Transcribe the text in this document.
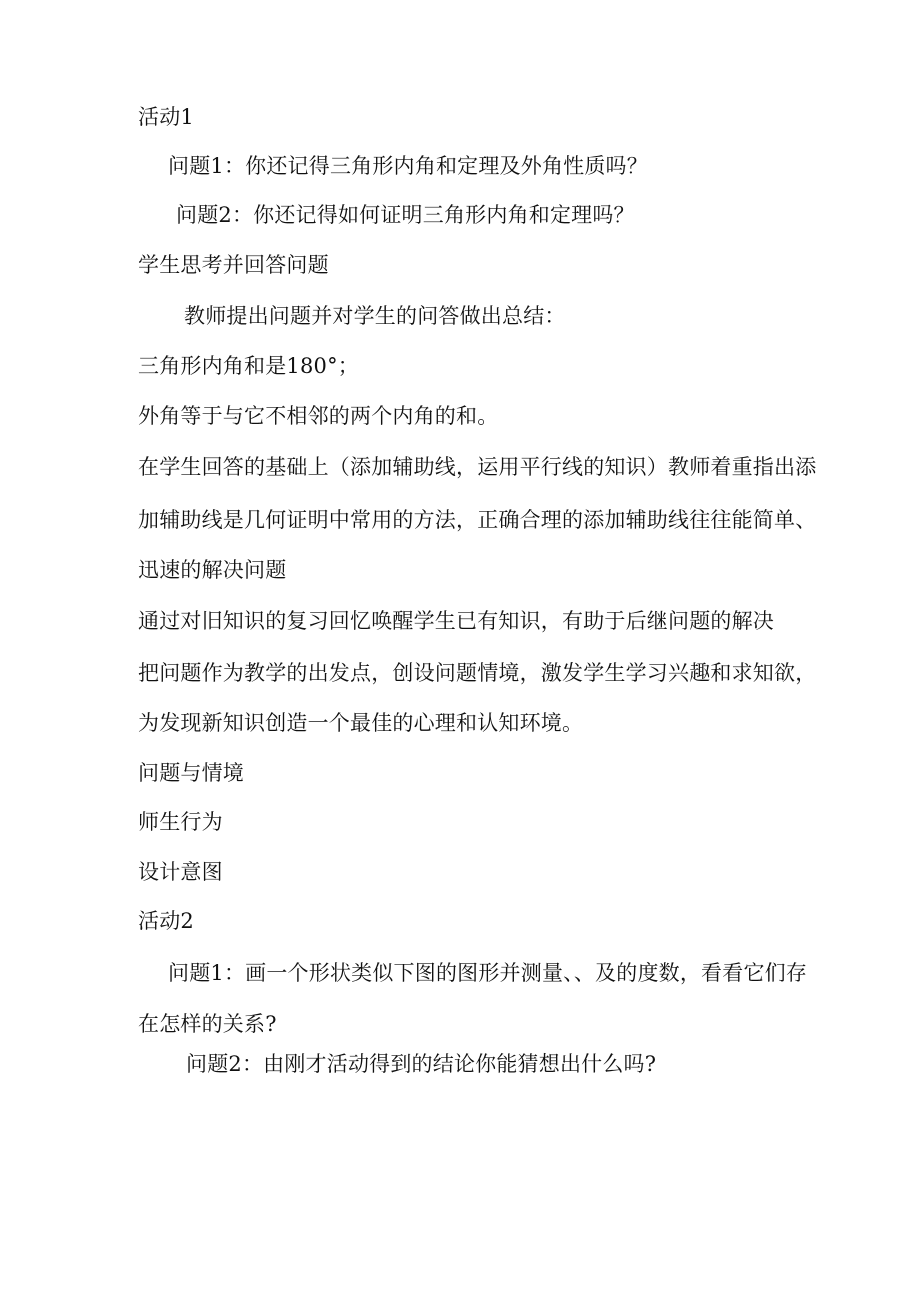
活动1
问题1：你还记得三角形内角和定理及外角性质吗？
问题2：你还记得如何证明三角形内角和定理吗？
学生思考并回答问题
教师提出问题并对学生的问答做出总结：
三角形内角和是180°；
外角等于与它不相邻的两个内角的和。
在学生回答的基础上（添加辅助线，运用平行线的知识）教师着重指出添
加辅助线是几何证明中常用的方法，正确合理的添加辅助线往往能简单、
迅速的解决问题
通过对旧知识的复习回忆唤醒学生已有知识，有助于后继问题的解决
把问题作为教学的出发点，创设问题情境，激发学生学习兴趣和求知欲，
为发现新知识创造一个最佳的心理和认知环境。
问题与情境
师生行为
设计意图
活动2
问题1：画一个形状类似下图的图形并测量、、及的度数，看看它们存
在怎样的关系?
问题2：由刚才活动得到的结论你能猜想出什么吗?
